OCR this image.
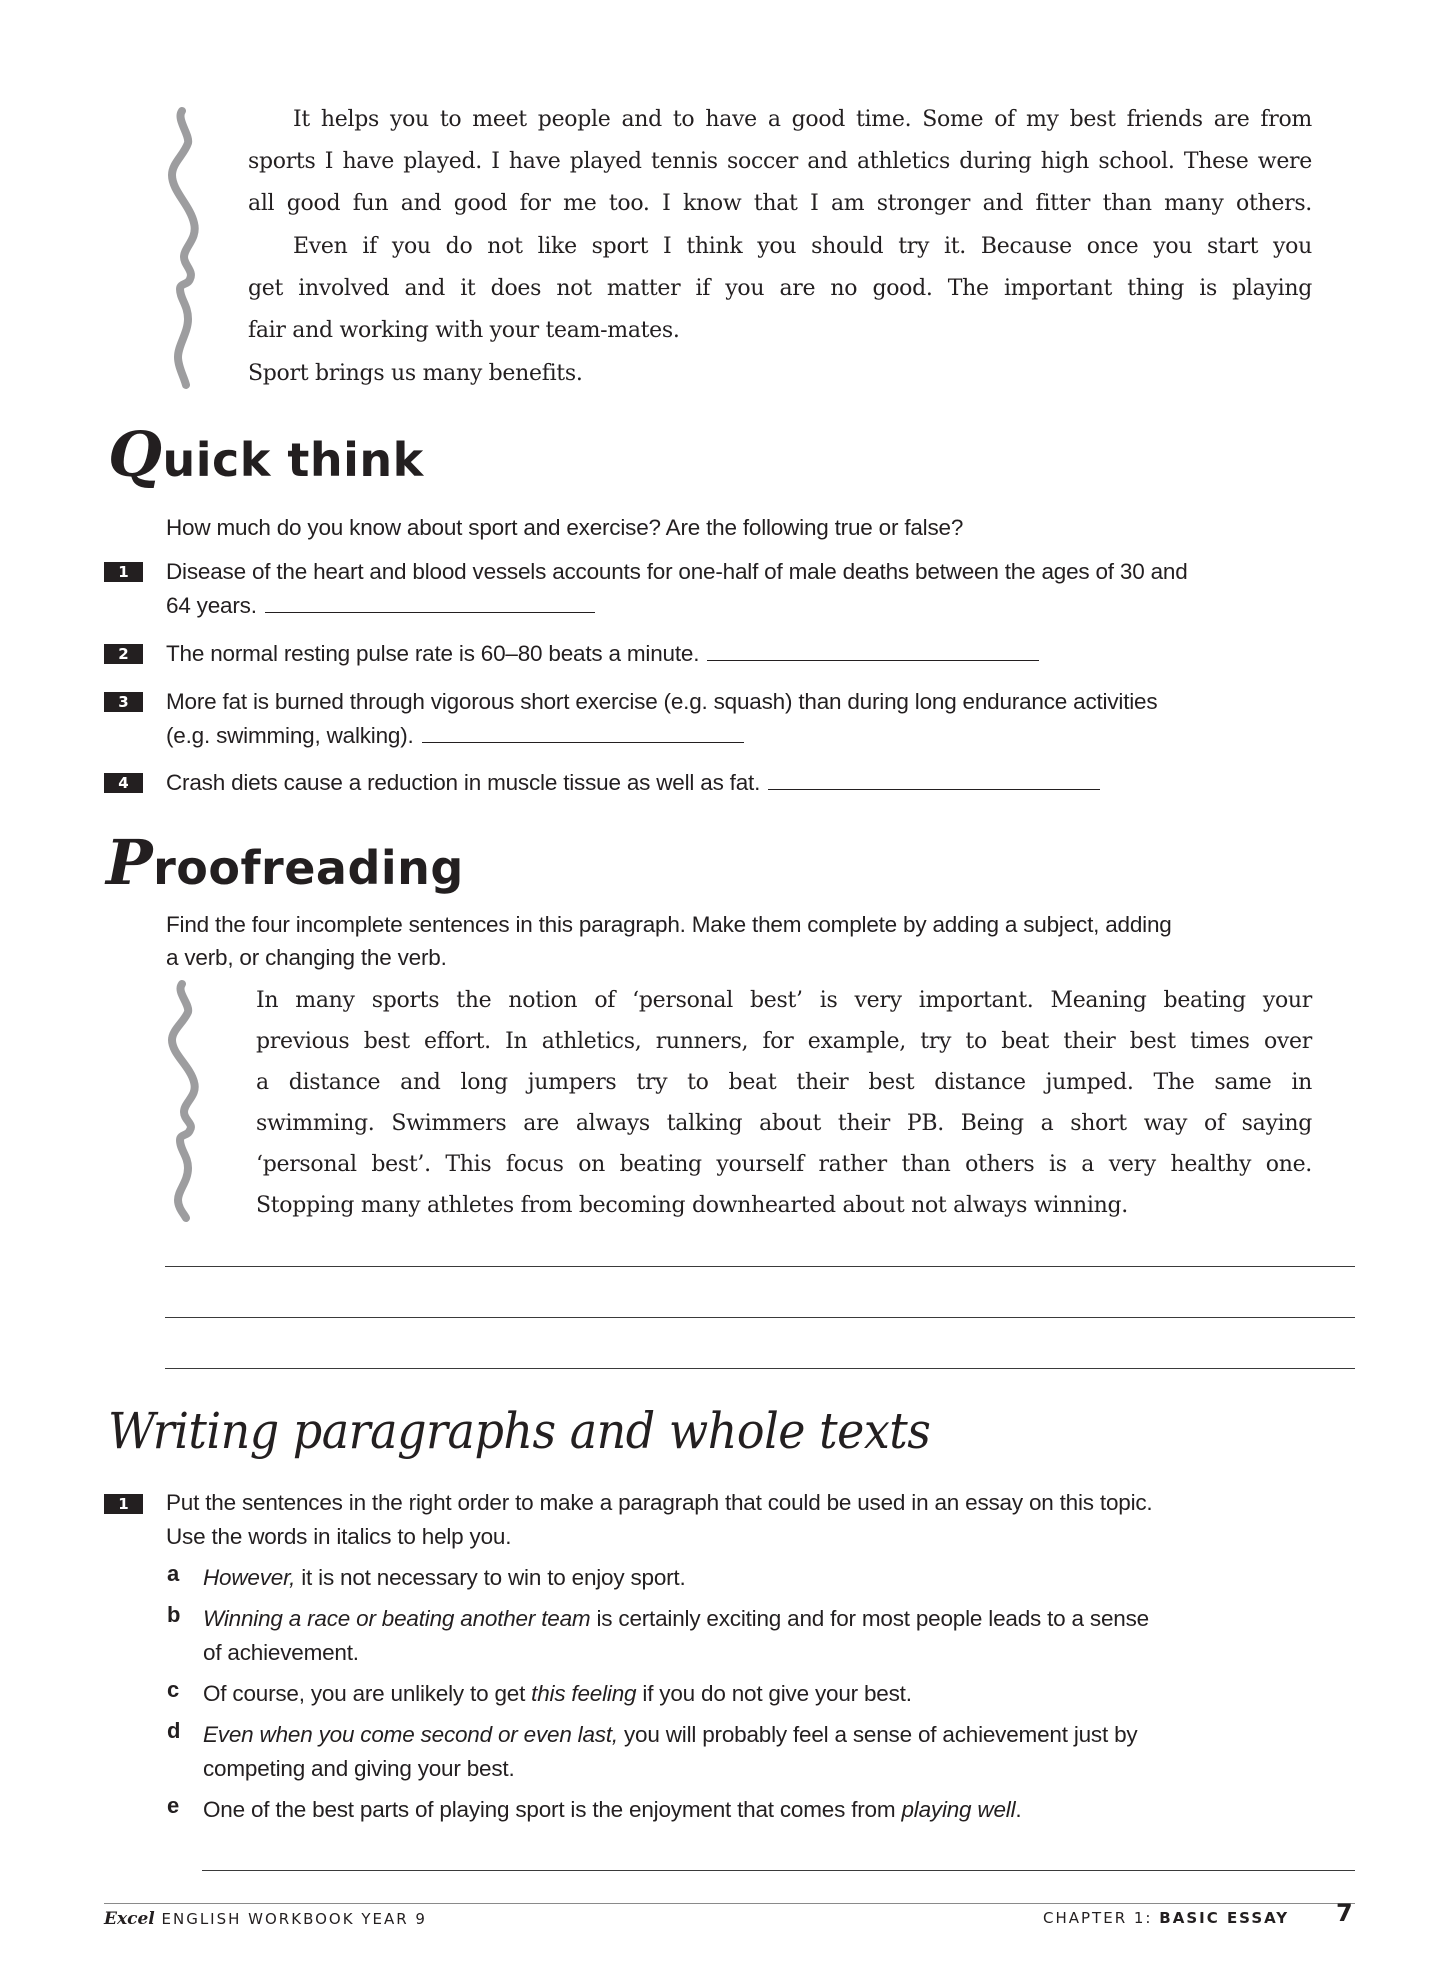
It helps you to meet people and to have a good time. Some of my best friends are from
sports I have played. I have played tennis soccer and athletics during high school. These were
all good fun and good for me too. I know that I am stronger and fitter than many others.
Even if you do not like sport I think you should try it. Because once you start you
get involved and it does not matter if you are no good. The important thing is playing
fair and working with your team-mates.
Sport brings us many benefits.
Quick think
How much do you know about sport and exercise? Are the following true or false?
1	Disease of the heart and blood vessels accounts for one-half of male deaths between the ages of 30 and
64 years.
2	The normal resting pulse rate is 60–80 beats a minute.
3	More fat is burned through vigorous short exercise (e.g. squash) than during long endurance activities
(e.g. swimming, walking).
4	Crash diets cause a reduction in muscle tissue as well as fat.
Proofreading
Find the four incomplete sentences in this paragraph. Make them complete by adding a subject, adding
a verb, or changing the verb.
In many sports the notion of ‘personal best’ is very important. Meaning beating your
previous best effort. In athletics, runners, for example, try to beat their best times over
a distance and long jumpers try to beat their best distance jumped. The same in
swimming. Swimmers are always talking about their PB. Being a short way of saying
‘personal best’. This focus on beating yourself rather than others is a very healthy one.
Stopping many athletes from becoming downhearted about not always winning.
Writing paragraphs and whole texts
1	Put the sentences in the right order to make a paragraph that could be used in an essay on this topic.
Use the words in italics to help you.
a However, it is not necessary to win to enjoy sport.
b Winning a race or beating another team is certainly exciting and for most people leads to a sense
of achievement.
c Of course, you are unlikely to get this feeling if you do not give your best.
d Even when you come second or even last, you will probably feel a sense of achievement just by
competing and giving your best.
e One of the best parts of playing sport is the enjoyment that comes from playing well.
Excel ENGLISH WORKBOOK YEAR 9	CHAPTER 1: BASIC ESSAY 7
